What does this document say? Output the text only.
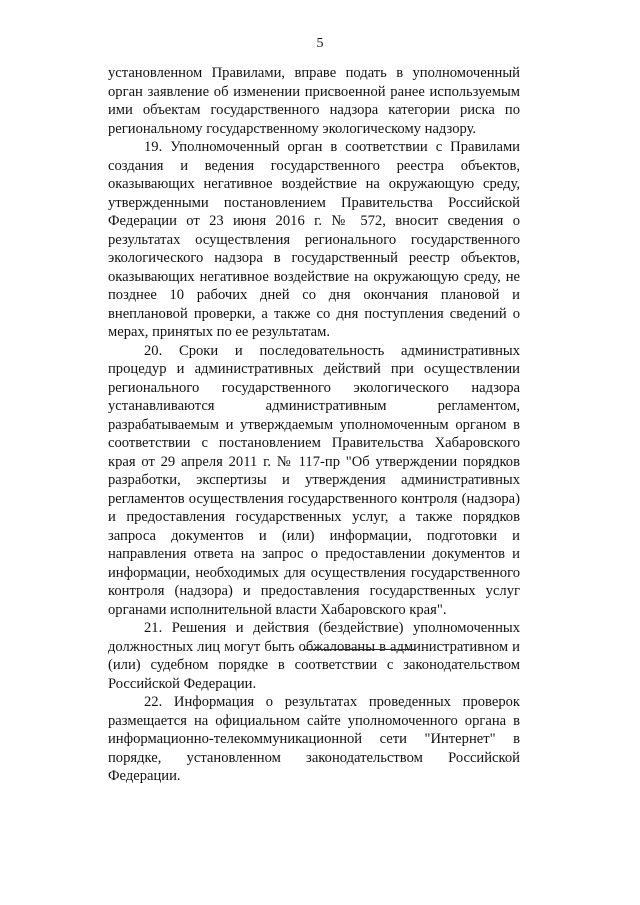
5

установленном Правилами, вправе подать в уполномоченный орган заявление об изменении присвоенной ранее используемым ими объектам государственного надзора категории риска по региональному государственному экологическому надзору.

19. Уполномоченный орган в соответствии с Правилами создания и ведения государственного реестра объектов, оказывающих негативное воздействие на окружающую среду, утвержденными постановлением Правительства Российской Федерации от 23 июня 2016 г. № 572, вносит сведения о результатах осуществления регионального государственного экологического надзора в государственный реестр объектов, оказывающих негативное воздействие на окружающую среду, не позднее 10 рабочих дней со дня окончания плановой и внеплановой проверки, а также со дня поступления сведений о мерах, принятых по ее результатам.

20. Сроки и последовательность административных процедур и административных действий при осуществлении регионального государственного экологического надзора устанавливаются административным регламентом, разрабатываемым и утверждаемым уполномоченным органом в соответствии с постановлением Правительства Хабаровского края от 29 апреля 2011 г. № 117-пр "Об утверждении порядков разработки, экспертизы и утверждения административных регламентов осуществления государственного контроля (надзора) и предоставления государственных услуг, а также порядков запроса документов и (или) информации, подготовки и направления ответа на запрос о предоставлении документов и информации, необходимых для осуществления государственного контроля (надзора) и предоставления государственных услуг органами исполнительной власти Хабаровского края".

21. Решения и действия (бездействие) уполномоченных должностных лиц могут быть обжалованы в административном и (или) судебном порядке в соответствии с законодательством Российской Федерации.

22. Информация о результатах проведенных проверок размещается на официальном сайте уполномоченного органа в информационно-телекоммуникационной сети "Интернет" в порядке, установленном законодательством Российской Федерации.
